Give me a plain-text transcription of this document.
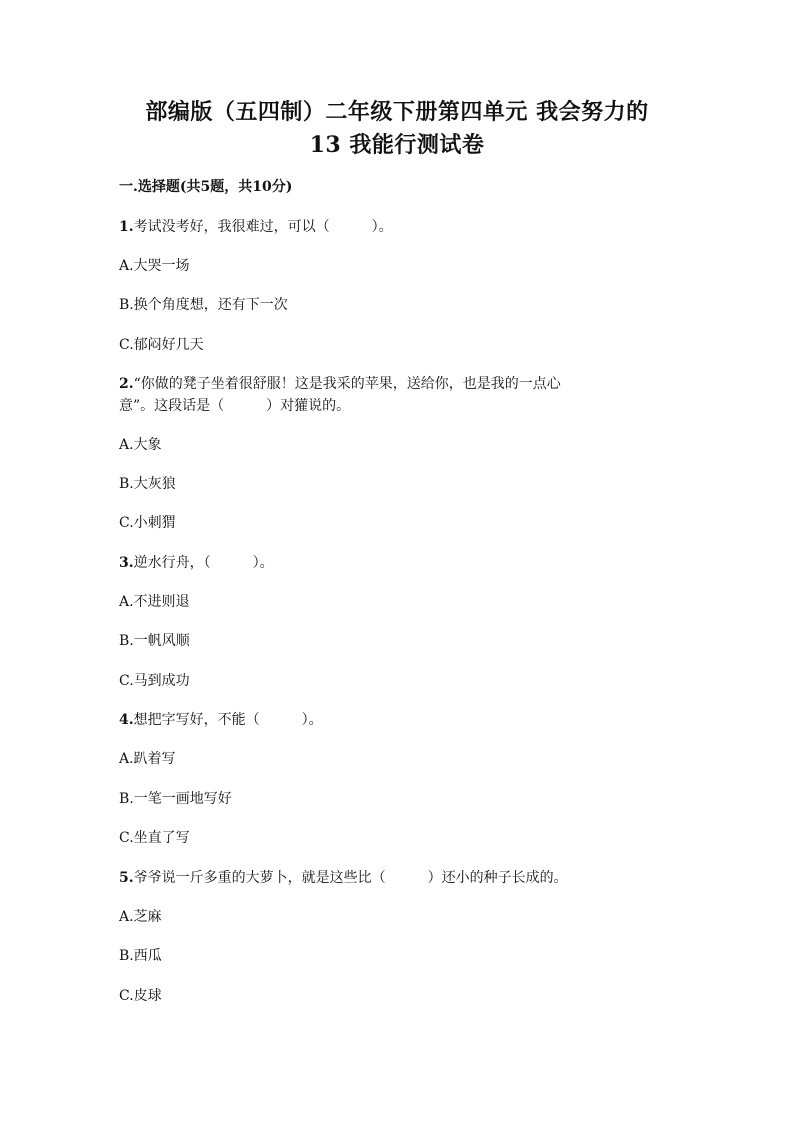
部编版（五四制）二年级下册第四单元 我会努力的
13 我能行测试卷
一.选择题(共5题，共10分)
1.考试没考好，我很难过，可以（　　　）。
A.大哭一场
B.换个角度想，还有下一次
C.郁闷好几天
2.“你做的凳子坐着很舒服！这是我采的苹果，送给你，也是我的一点心
意”。这段话是（　　　）对獾说的。
A.大象
B.大灰狼
C.小刺猬
3.逆水行舟，（　　　）。
A.不进则退
B.一帆风顺
C.马到成功
4.想把字写好，不能（　　　）。
A.趴着写
B.一笔一画地写好
C.坐直了写
5.爷爷说一斤多重的大萝卜，就是这些比（　　　）还小的种子长成的。
A.芝麻
B.西瓜
C.皮球
